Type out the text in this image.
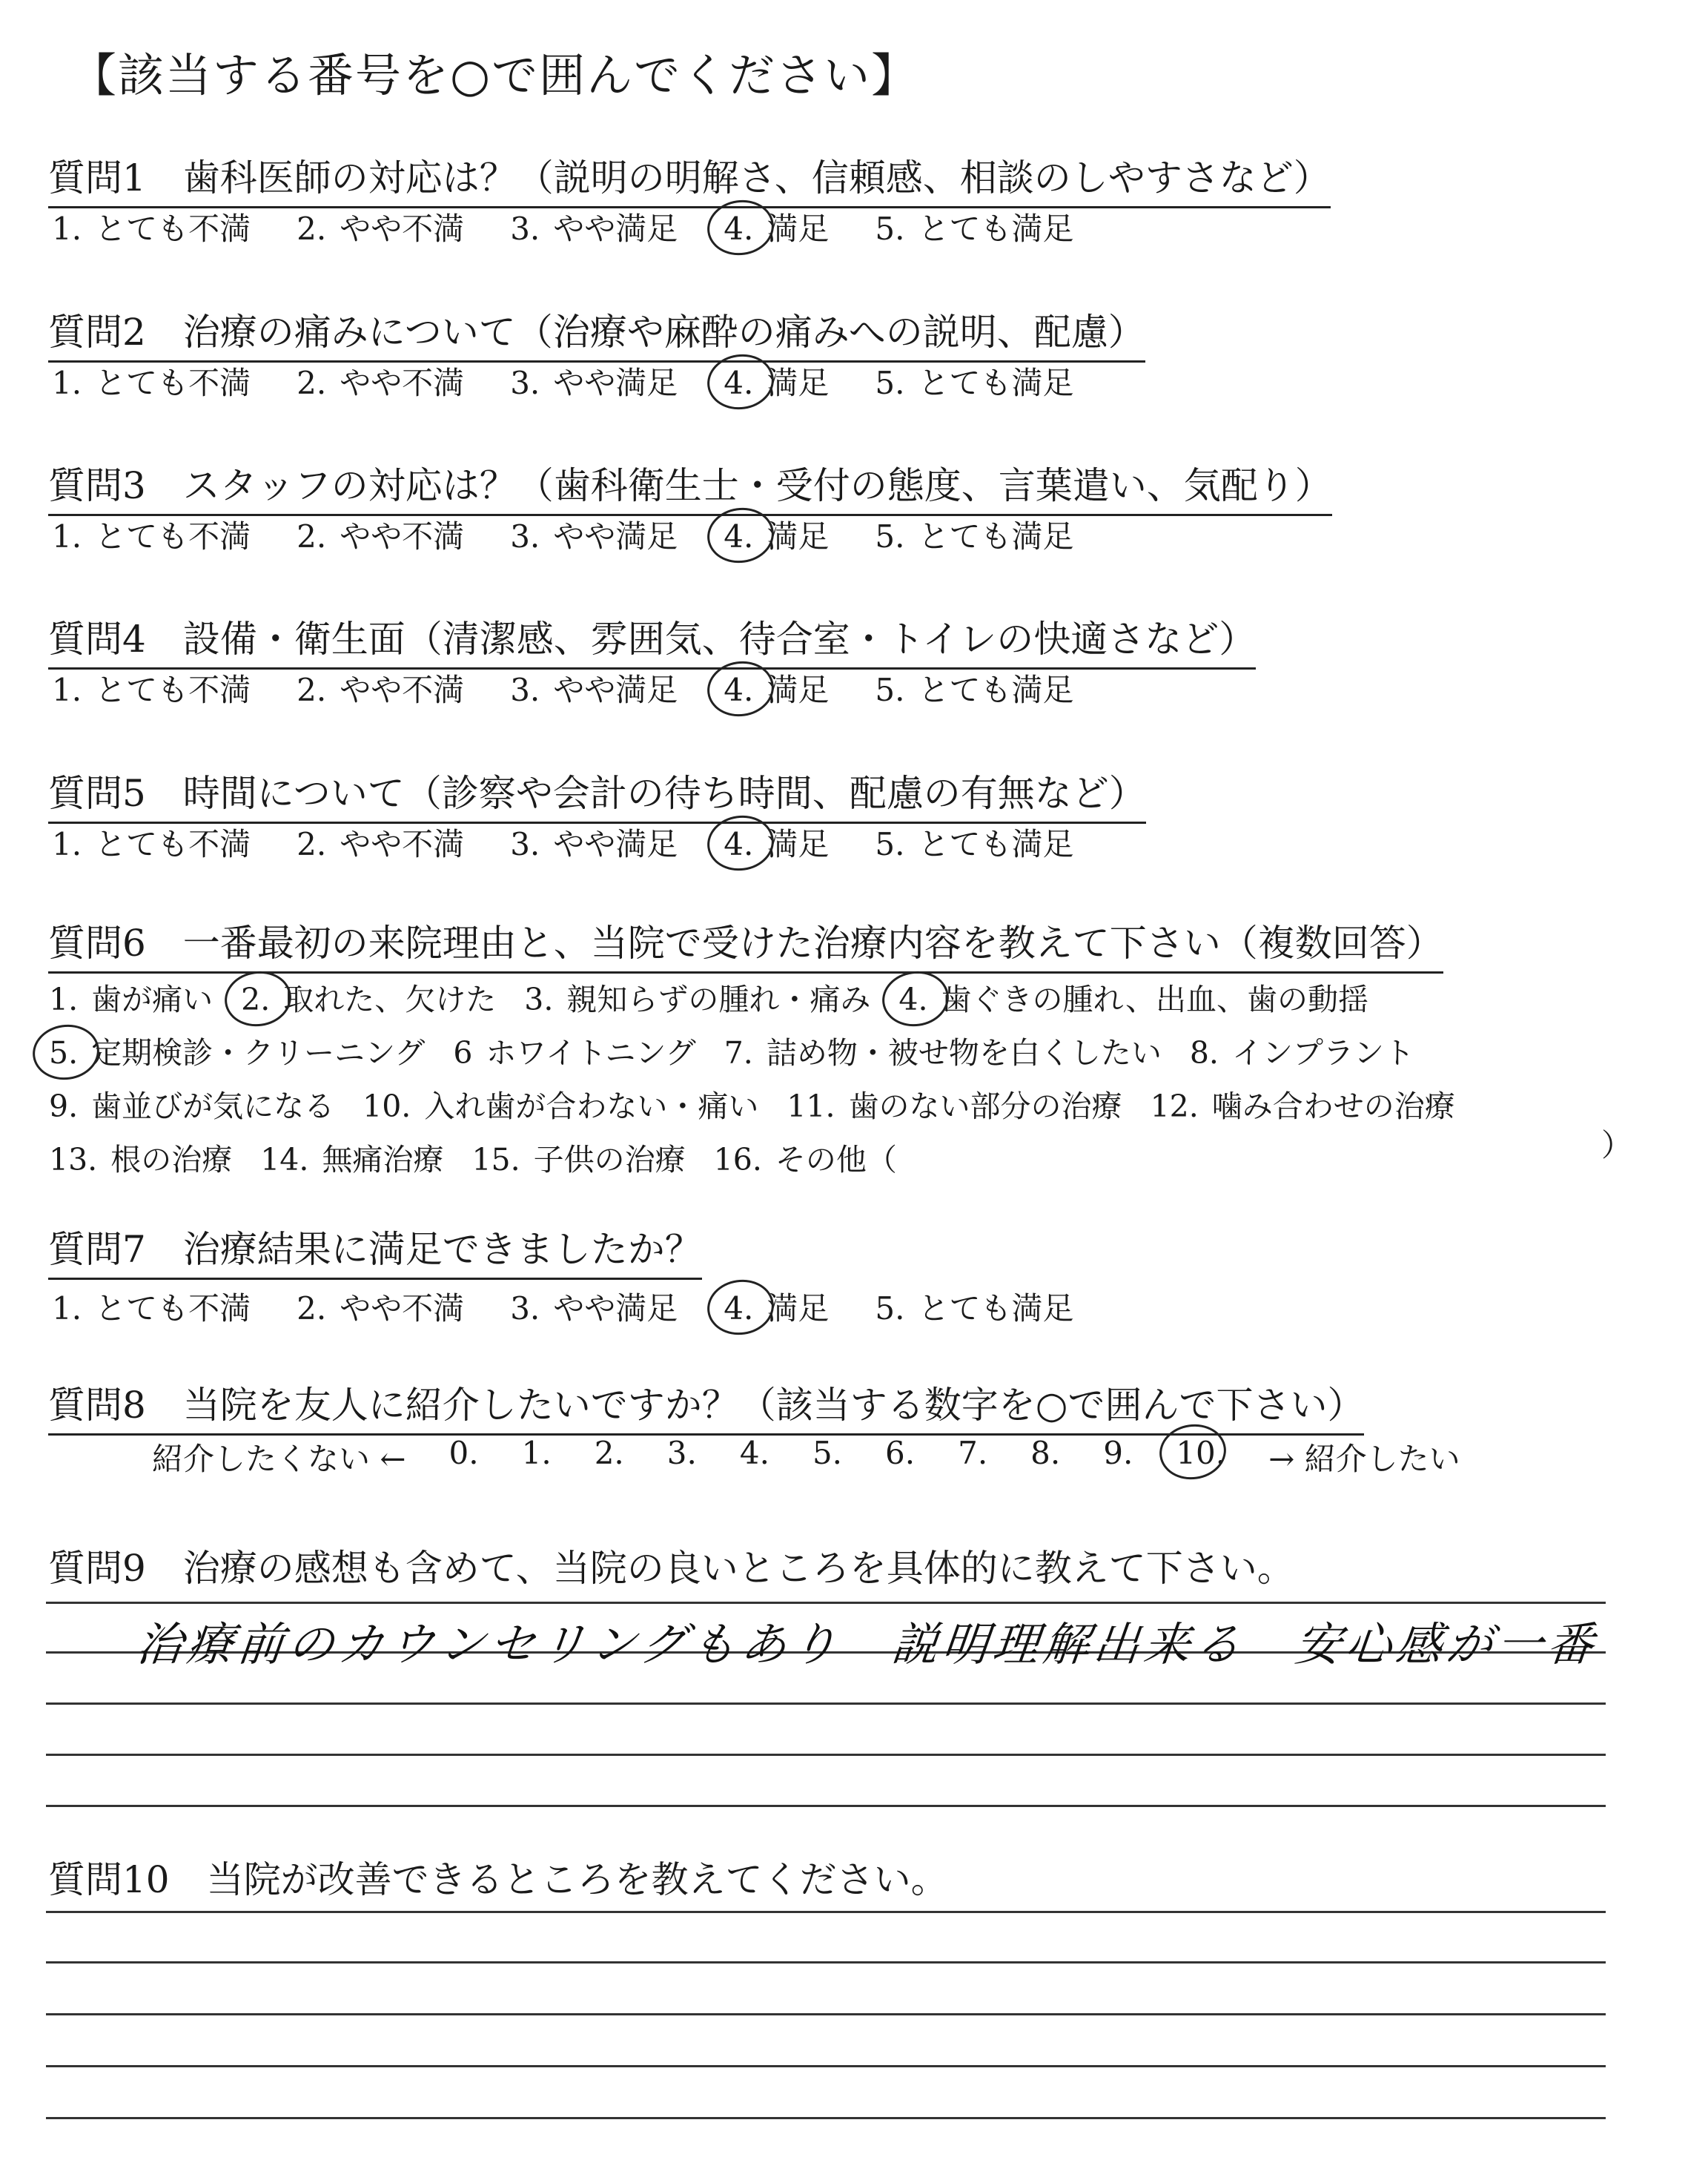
【該当する番号を○で囲んでください】
質問1　歯科医師の対応は？（説明の明解さ、信頼感、相談のしやすさなど）
1. とても不満 2. やや不満 3. やや満足 4. 満足 5. とても満足
質問2　治療の痛みについて（治療や麻酔の痛みへの説明、配慮）
1. とても不満 2. やや不満 3. やや満足 4. 満足 5. とても満足
質問3　スタッフの対応は？（歯科衛生士・受付の態度、言葉遣い、気配り）
1. とても不満 2. やや不満 3. やや満足 4. 満足 5. とても満足
質問4　設備・衛生面（清潔感、雰囲気、待合室・トイレの快適さなど）
1. とても不満 2. やや不満 3. やや満足 4. 満足 5. とても満足
質問5　時間について（診察や会計の待ち時間、配慮の有無など）
1. とても不満 2. やや不満 3. やや満足 4. 満足 5. とても満足
質問6　一番最初の来院理由と、当院で受けた治療内容を教えて下さい（複数回答）
1. 歯が痛い 2. 取れた、欠けた 3. 親知らずの腫れ・痛み 4. 歯ぐきの腫れ、出血、歯の動揺
5. 定期検診・クリーニング 6 ホワイトニング 7. 詰め物・被せ物を白くしたい 8. インプラント
9. 歯並びが気になる 10. 入れ歯が合わない・痛い 11. 歯のない部分の治療 12. 噛み合わせの治療
13. 根の治療 14. 無痛治療 15. 子供の治療 16. その他（	）
質問7　治療結果に満足できましたか？
1. とても不満 2. やや不満 3. やや満足 4. 満足 5. とても満足
質問8　当院を友人に紹介したいですか？（該当する数字を○で囲んで下さい）
紹介したくない ← 0. 1. 2. 3. 4. 5. 6. 7. 8. 9. 10. → 紹介したい
質問9　治療の感想も含めて、当院の良いところを具体的に教えて下さい。
治療前のカウンセリングもあり　説明理解出来る　安心感が一番
質問10　当院が改善できるところを教えてください。
